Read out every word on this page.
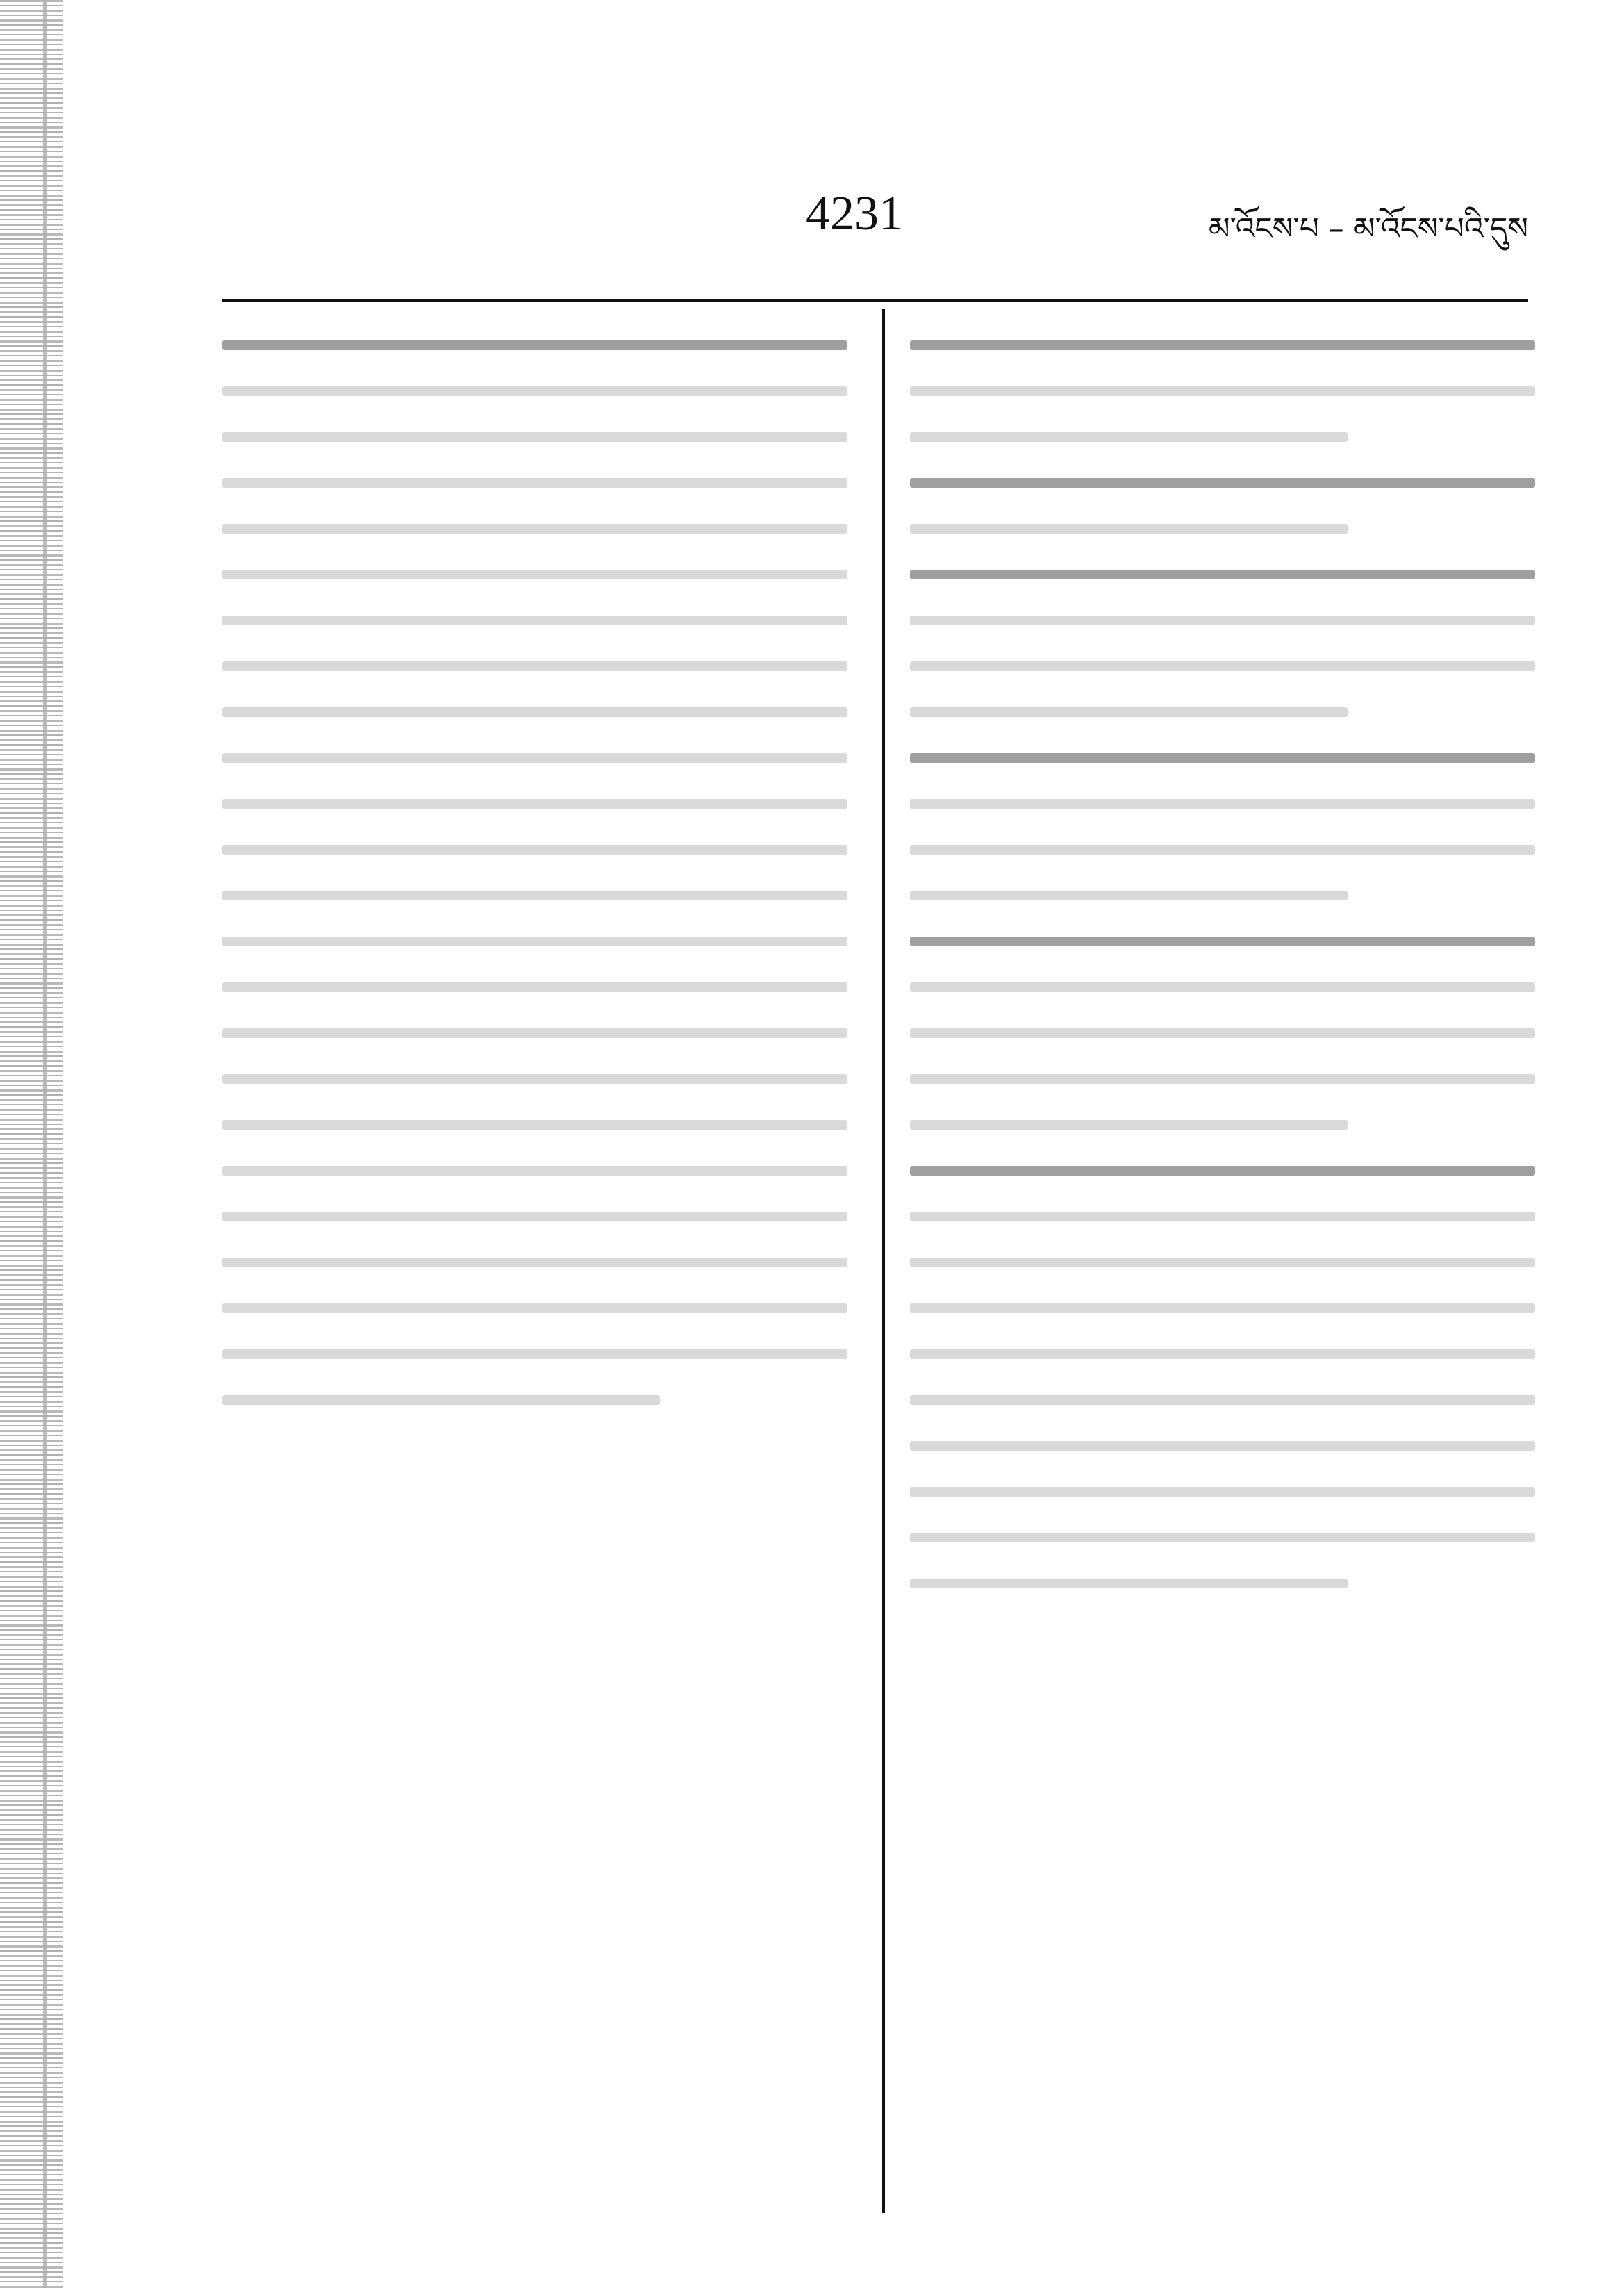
4231	མ་འོངས་པ – མ་འོངས་པའི་དུས
